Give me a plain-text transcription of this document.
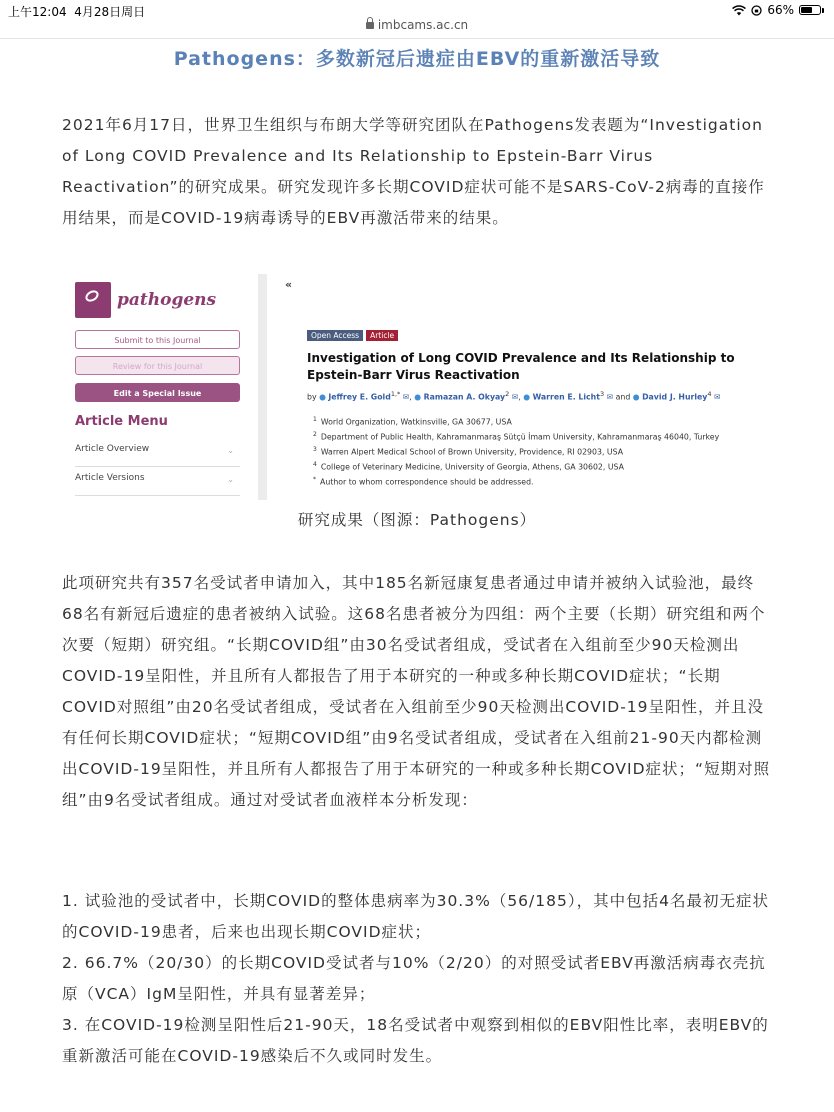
上午12:04 4月28日周日	66%
imbcams.ac.cn
Pathogens：多数新冠后遗症由EBV的重新激活导致

2021年6月17日，世界卫生组织与布朗大学等研究团队在Pathogens发表题为“Investigation of Long COVID Prevalence and Its Relationship to Epstein-Barr Virus Reactivation”的研究成果。研究发现许多长期COVID症状可能不是SARS-CoV-2病毒的直接作用结果，而是COVID-19病毒诱导的EBV再激活带来的结果。

pathogens
Submit to this Journal
Review for this Journal
Edit a Special Issue
Article Menu
Article Overview	⌄
Article Versions	⌄
«
Open Access	Article
Investigation of Long COVID Prevalence and Its Relationship to Epstein-Barr Virus Reactivation
by ● Jeffrey E. Gold$^{1,*}$ ✉, ● Ramazan A. Okyay$^2$ ✉, ● Warren E. Licht$^3$ ✉ and ● David J. Hurley$^4$ ✉
$^1$ World Organization, Watkinsville, GA 30677, USA
$^2$ Department of Public Health, Kahramanmaraş Sütçü İmam University, Kahramanmaraş 46040, Turkey
$^3$ Warren Alpert Medical School of Brown University, Providence, RI 02903, USA
$^4$ College of Veterinary Medicine, University of Georgia, Athens, GA 30602, USA
* Author to whom correspondence should be addressed.
研究成果（图源：Pathogens）

此项研究共有357名受试者申请加入，其中185名新冠康复患者通过申请并被纳入试验池，最终68名有新冠后遗症的患者被纳入试验。这68名患者被分为四组：两个主要（长期）研究组和两个次要（短期）研究组。“长期COVID组”由30名受试者组成，受试者在入组前至少90天检测出COVID-19呈阳性，并且所有人都报告了用于本研究的一种或多种长期COVID症状；“长期COVID对照组”由20名受试者组成，受试者在入组前至少90天检测出COVID-19呈阳性，并且没有任何长期COVID症状；“短期COVID组”由9名受试者组成，受试者在入组前21-90天内都检测出COVID-19呈阳性，并且所有人都报告了用于本研究的一种或多种长期COVID症状；“短期对照组”由9名受试者组成。通过对受试者血液样本分析发现：

1. 试验池的受试者中，长期COVID的整体患病率为30.3%（56/185），其中包括4名最初无症状的COVID-19患者，后来也出现长期COVID症状；
2. 66.7%（20/30）的长期COVID受试者与10%（2/20）的对照受试者EBV再激活病毒衣壳抗原（VCA）IgM呈阳性，并具有显著差异；
3. 在COVID-19检测呈阳性后21-90天，18名受试者中观察到相似的EBV阳性比率，表明EBV的重新激活可能在COVID-19感染后不久或同时发生。
